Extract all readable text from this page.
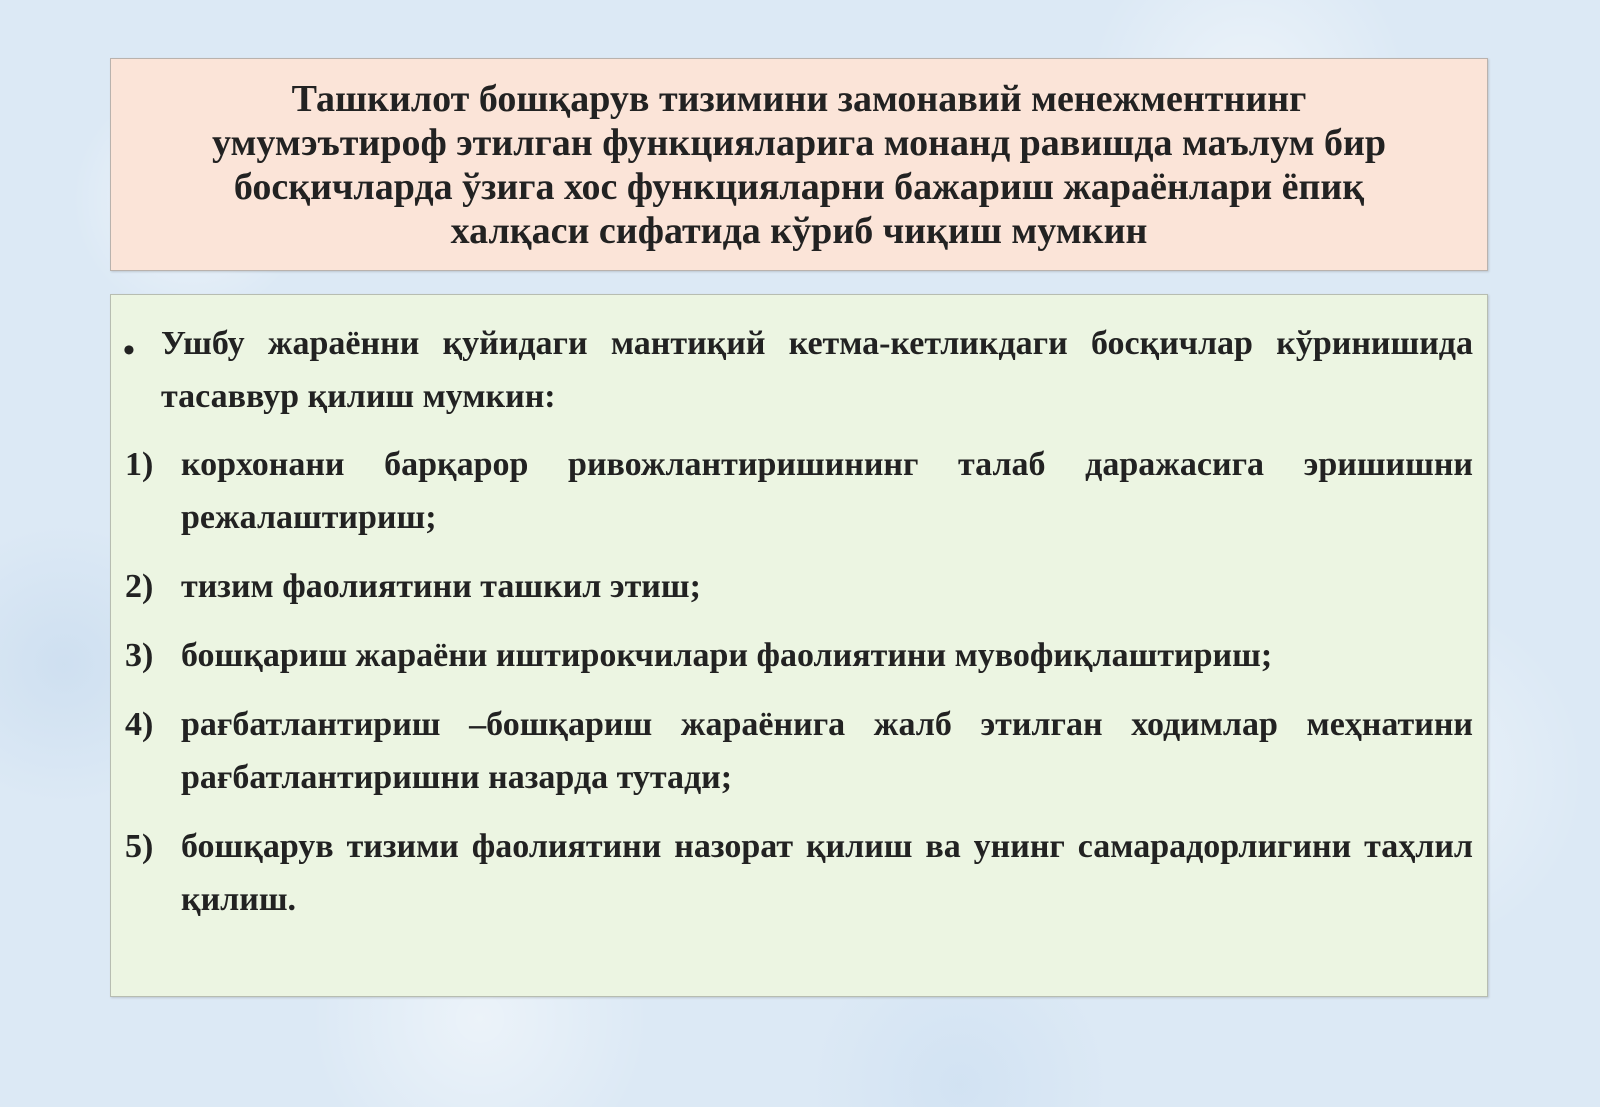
Ташкилот бошқарув тизимини замонавий менежментнинг
умумэътироф этилган функцияларига монанд равишда маълум бир
босқичларда ўзига хос функцияларни бажариш жараёнлари ёпиқ
халқаси сифатида кўриб чиқиш мумкин
• Ушбу жараённи қуйидаги мантиқий кетма-кетликдаги босқичлар кўринишида тасаввур қилиш мумкин:
1) корхонани барқарор ривожлантиришининг талаб даражасига эришишни режалаштириш;
2) тизим фаолиятини ташкил этиш;
3) бошқариш жараёни иштирокчилари фаолиятини мувофиқлаштириш;
4) рағбатлантириш –бошқариш жараёнига жалб этилган ходимлар меҳнатини рағбатлантиришни назарда тутади;
5) бошқарув тизими фаолиятини назорат қилиш ва унинг самарадорлигини таҳлил қилиш.
